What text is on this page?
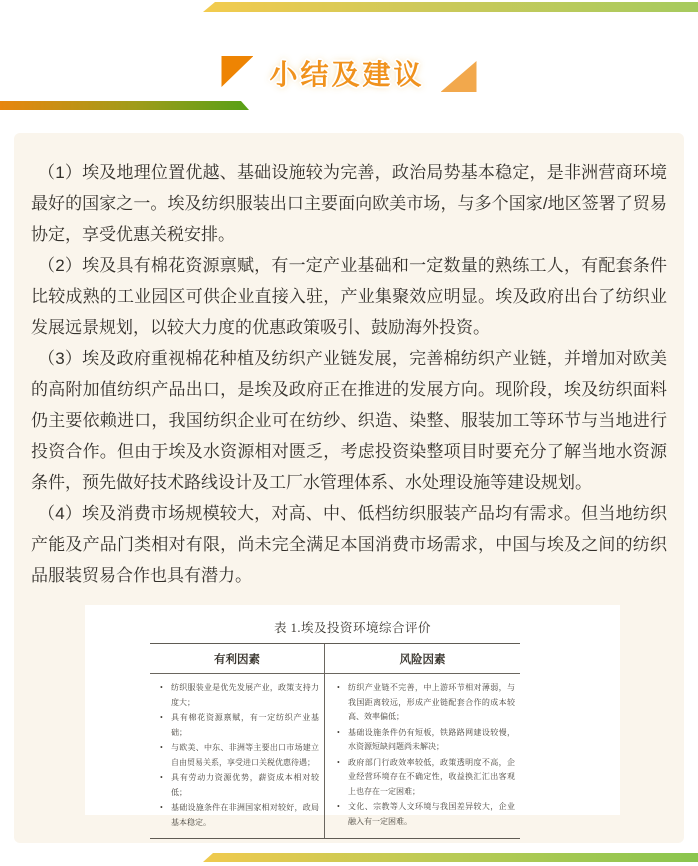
小结及建议

（1）埃及地理位置优越、基础设施较为完善，政治局势基本稳定，是非洲营商环境最好的国家之一。埃及纺织服装出口主要面向欧美市场，与多个国家/地区签署了贸易协定，享受优惠关税安排。

（2）埃及具有棉花资源禀赋，有一定产业基础和一定数量的熟练工人，有配套条件比较成熟的工业园区可供企业直接入驻，产业集聚效应明显。埃及政府出台了纺织业发展远景规划，以较大力度的优惠政策吸引、鼓励海外投资。

（3）埃及政府重视棉花种植及纺织产业链发展，完善棉纺织产业链，并增加对欧美的高附加值纺织产品出口，是埃及政府正在推进的发展方向。现阶段，埃及纺织面料仍主要依赖进口，我国纺织企业可在纺纱、织造、染整、服装加工等环节与当地进行投资合作。但由于埃及水资源相对匮乏，考虑投资染整项目时要充分了解当地水资源条件，预先做好技术路线设计及工厂水管理体系、水处理设施等建设规划。

（4）埃及消费市场规模较大，对高、中、低档纺织服装产品均有需求。但当地纺织产能及产品门类相对有限，尚未完全满足本国消费市场需求，中国与埃及之间的纺织品服装贸易合作也具有潜力。

表 1.埃及投资环境综合评价
有利因素	风险因素
• 纺织服装业是优先发展产业，政策支持力度大；
• 具有棉花资源禀赋，有一定纺织产业基础；
• 与欧美、中东、非洲等主要出口市场建立自由贸易关系，享受进口关税优惠待遇；
• 具有劳动力资源优势，薪资成本相对较低；
• 基础设施条件在非洲国家相对较好，政局基本稳定。
• 纺织产业链不完善，中上游环节相对薄弱，与我国距离较远，形成产业链配套合作的成本较高、效率偏低；
• 基础设施条件仍有短板，铁路路网建设较慢，水资源短缺问题尚未解决；
• 政府部门行政效率较低，政策透明度不高，企业经营环境存在不确定性，收益换汇汇出客观上也存在一定困难；
• 文化、宗教等人文环境与我国差异较大，企业融入有一定困难。
